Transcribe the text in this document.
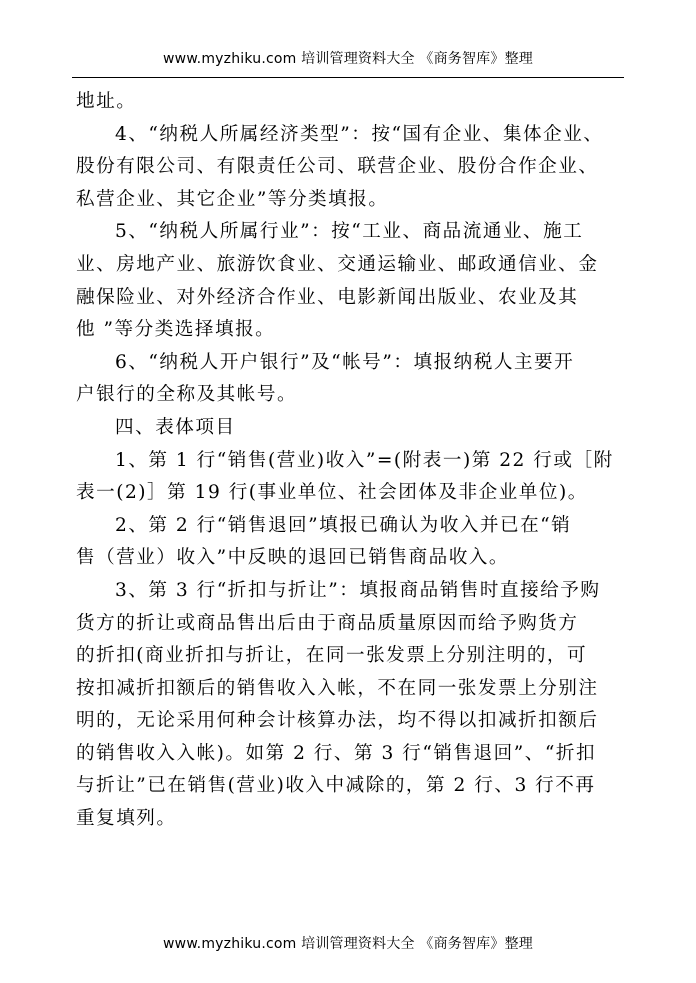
www.myzhiku.com 培训管理资料大全 《商务智库》整理
地址。
4、“纳税人所属经济类型”：按“国有企业、集体企业、
股份有限公司、有限责任公司、联营企业、股份合作企业、
私营企业、其它企业”等分类填报。
5、“纳税人所属行业”：按“工业、商品流通业、施工
业、房地产业、旅游饮食业、交通运输业、邮政通信业、金
融保险业、对外经济合作业、电影新闻出版业、农业及其
他 ”等分类选择填报。
6、“纳税人开户银行”及“帐号”：填报纳税人主要开
户银行的全称及其帐号。
四、表体项目
1、第 1 行“销售(营业)收入”=(附表一)第 22 行或［附
表一(2)］第 19 行(事业单位、社会团体及非企业单位)。
2、第 2 行“销售退回”填报已确认为收入并已在“销
售（营业）收入”中反映的退回已销售商品收入。
3、第 3 行“折扣与折让”：填报商品销售时直接给予购
货方的折让或商品售出后由于商品质量原因而给予购货方
的折扣(商业折扣与折让，在同一张发票上分别注明的，可
按扣减折扣额后的销售收入入帐，不在同一张发票上分别注
明的，无论采用何种会计核算办法，均不得以扣减折扣额后
的销售收入入帐)。如第 2 行、第 3 行“销售退回”、“折扣
与折让”已在销售(营业)收入中减除的，第 2 行、3 行不再
重复填列。
www.myzhiku.com 培训管理资料大全 《商务智库》整理
